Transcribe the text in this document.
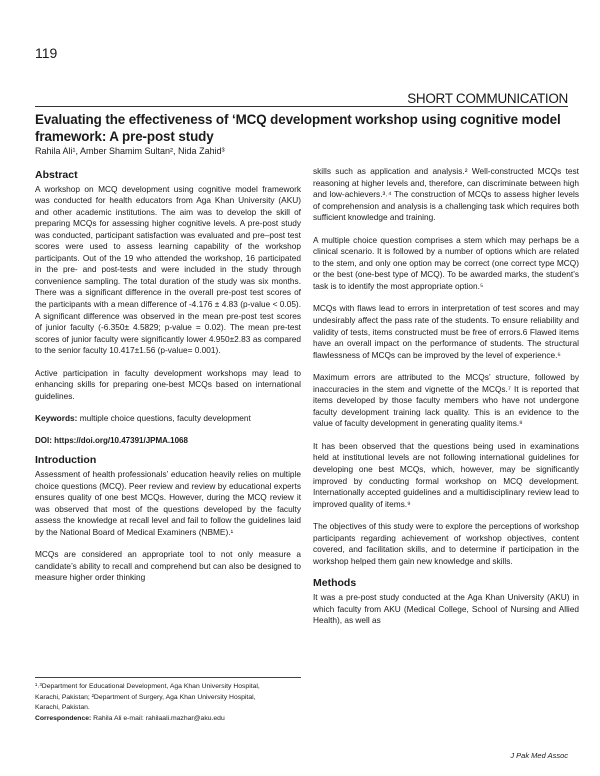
119
SHORT COMMUNICATION
Evaluating the effectiveness of ‘MCQ development workshop using cognitive model framework: A pre-post study
Rahila Ali¹, Amber Shamim Sultan², Nida Zahid³
Abstract

A workshop on MCQ development using cognitive model framework was conducted for health educators from Aga Khan University (AKU) and other academic institutions. The aim was to develop the skill of preparing MCQs for assessing higher cognitive levels. A pre-post study was conducted, participant satisfaction was evaluated and pre–post test scores were used to assess learning capability of the workshop participants. Out of the 19 who attended the workshop, 16 participated in the pre- and post-tests and were included in the study through convenience sampling. The total duration of the study was six months. There was a significant difference in the overall pre-post test scores of the participants with a mean difference of -4.176 ± 4.83 (p-value < 0.05). A significant difference was observed in the mean pre-post test scores of junior faculty (-6.350± 4.5829; p-value = 0.02). The mean pre-test scores of junior faculty were significantly lower 4.950±2.83 as compared to the senior faculty 10.417±1.56 (p-value= 0.001).

Active participation in faculty development workshops may lead to enhancing skills for preparing one-best MCQs based on international guidelines.

Keywords: multiple choice questions, faculty development
DOI: https://doi.org/10.47391/JPMA.1068
Introduction

Assessment of health professionals’ education heavily relies on multiple choice questions (MCQ). Peer review and review by educational experts ensures quality of one best MCQs. However, during the MCQ review it was observed that most of the questions developed by the faculty assess the knowledge at recall level and fail to follow the guidelines laid by the National Board of Medical Examiners (NBME).¹

MCQs are considered an appropriate tool to not only measure a candidate’s ability to recall and comprehend but can also be designed to measure higher order thinking

skills such as application and analysis.² Well-constructed MCQs test reasoning at higher levels and, therefore, can discriminate between high and low-achievers.³˒⁴ The construction of MCQs to assess higher levels of comprehension and analysis is a challenging task which requires both sufficient knowledge and training.

A multiple choice question comprises a stem which may perhaps be a clinical scenario. It is followed by a number of options which are related to the stem, and only one option may be correct (one correct type MCQ) or the best (one-best type of MCQ). To be awarded marks, the student’s task is to identify the most appropriate option.⁵

MCQs with flaws lead to errors in interpretation of test scores and may undesirably affect the pass rate of the students. To ensure reliability and validity of tests, items constructed must be free of errors.6 Flawed items have an overall impact on the performance of students. The structural flawlessness of MCQs can be improved by the level of experience.⁶

Maximum errors are attributed to the MCQs’ structure, followed by inaccuracies in the stem and vignette of the MCQs.⁷ It is reported that items developed by those faculty members who have not undergone faculty development training lack quality. This is an evidence to the value of faculty development in generating quality items.⁸

It has been observed that the questions being used in examinations held at institutional levels are not following international guidelines for developing one best MCQs, which, however, may be significantly improved by conducting formal workshop on MCQ development. Internationally accepted guidelines and a multidisciplinary review lead to improved quality of items.⁹

The objectives of this study were to explore the perceptions of workshop participants regarding achievement of workshop objectives, content covered, and facilitation skills, and to determine if participation in the workshop helped them gain new knowledge and skills.

Methods

It was a pre-post study conducted at the Aga Khan University (AKU) in which faculty from AKU (Medical College, School of Nursing and Allied Health), as well as

¹˒³Department for Educational Development, Aga Khan University Hospital,
Karachi, Pakistan; ²Department of Surgery, Aga Khan University Hospital,
Karachi, Pakistan.
Correspondence: Rahila Ali e-mail: rahilaali.mazhar@aku.edu
J Pak Med Assoc
